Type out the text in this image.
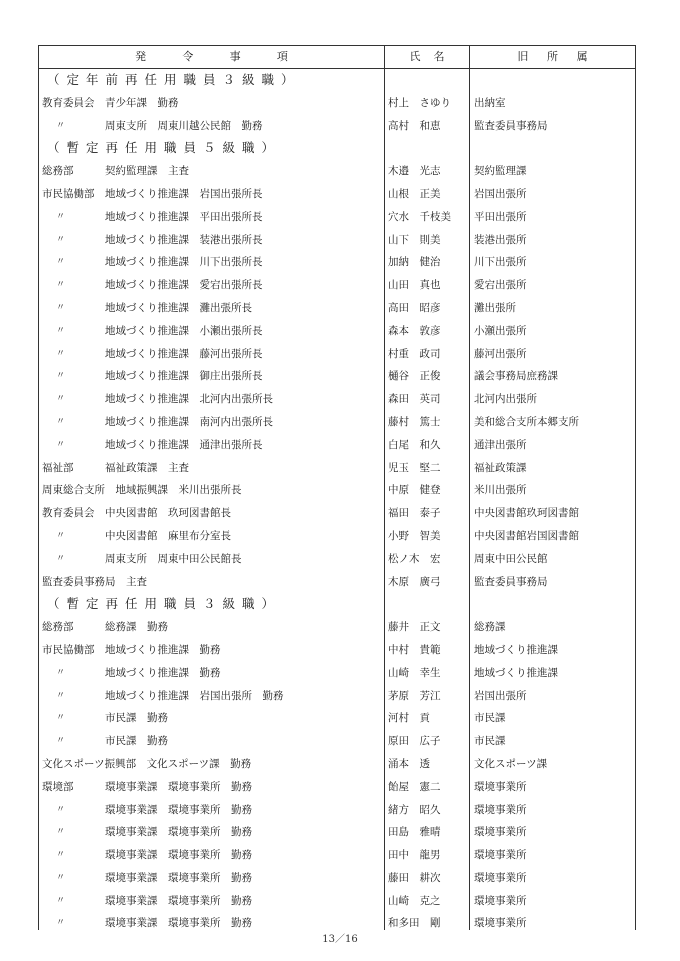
発	令	事	項	氏 名	旧 所 属
（定年前再任用職員３級職）
教育委員会 青少年課　勤務	村上　さゆり	出納室
〃	周東支所　周東川越公民館　勤務	高村　和恵	監査委員事務局
（暫定再任用職員５級職）
総務部	契約監理課　主査	木邉　光志	契約監理課
市民協働部 地域づくり推進課　岩国出張所長	山根　正美	岩国出張所
〃	地域づくり推進課　平田出張所長	穴水　千枝美	平田出張所
〃	地域づくり推進課　装港出張所長	山下　則美	装港出張所
〃	地域づくり推進課　川下出張所長	加納　健治	川下出張所
〃	地域づくり推進課　愛宕出張所長	山田　真也	愛宕出張所
〃	地域づくり推進課　灘出張所長	高田　昭彦	灘出張所
〃	地域づくり推進課　小瀬出張所長	森本　敦彦	小瀬出張所
〃	地域づくり推進課　藤河出張所長	村重　政司	藤河出張所
〃	地域づくり推進課　御庄出張所長	樋谷　正俊	議会事務局庶務課
〃	地域づくり推進課　北河内出張所長	森田　英司	北河内出張所
〃	地域づくり推進課　南河内出張所長	藤村　篤士	美和総合支所本郷支所
〃	地域づくり推進課　通津出張所長	白尾　和久	通津出張所
福祉部	福祉政策課　主査	児玉　堅二	福祉政策課
周東総合支所　地域振興課　米川出張所長	中原　健登	米川出張所
教育委員会 中央図書館　玖珂図書館長	福田　泰子	中央図書館玖珂図書館
〃	中央図書館　麻里布分室長	小野　智美	中央図書館岩国図書館
〃	周東支所　周東中田公民館長	松ノ木　宏	周東中田公民館
監査委員事務局　主査	木原　廣弓	監査委員事務局
（暫定再任用職員３級職）
総務部	総務課　勤務	藤井　正文	総務課
市民協働部 地域づくり推進課　勤務	中村　貴範	地域づくり推進課
〃	地域づくり推進課　勤務	山崎　幸生	地域づくり推進課
〃	地域づくり推進課　岩国出張所　勤務	茅原　芳江	岩国出張所
〃	市民課　勤務	河村　貢	市民課
〃	市民課　勤務	原田　広子	市民課
文化スポーツ振興部　文化スポーツ課　勤務	涌本　透	文化スポーツ課
環境部	環境事業課　環境事業所　勤務	飴屋　憲二	環境事業所
〃	環境事業課　環境事業所　勤務	緒方　昭久	環境事業所
〃	環境事業課　環境事業所　勤務	田島　雅晴	環境事業所
〃	環境事業課　環境事業所　勤務	田中　龍男	環境事業所
〃	環境事業課　環境事業所　勤務	藤田　耕次	環境事業所
〃	環境事業課　環境事業所　勤務	山崎　克之	環境事業所
〃	環境事業課　環境事業所　勤務	和多田　剛	環境事業所
13／16
